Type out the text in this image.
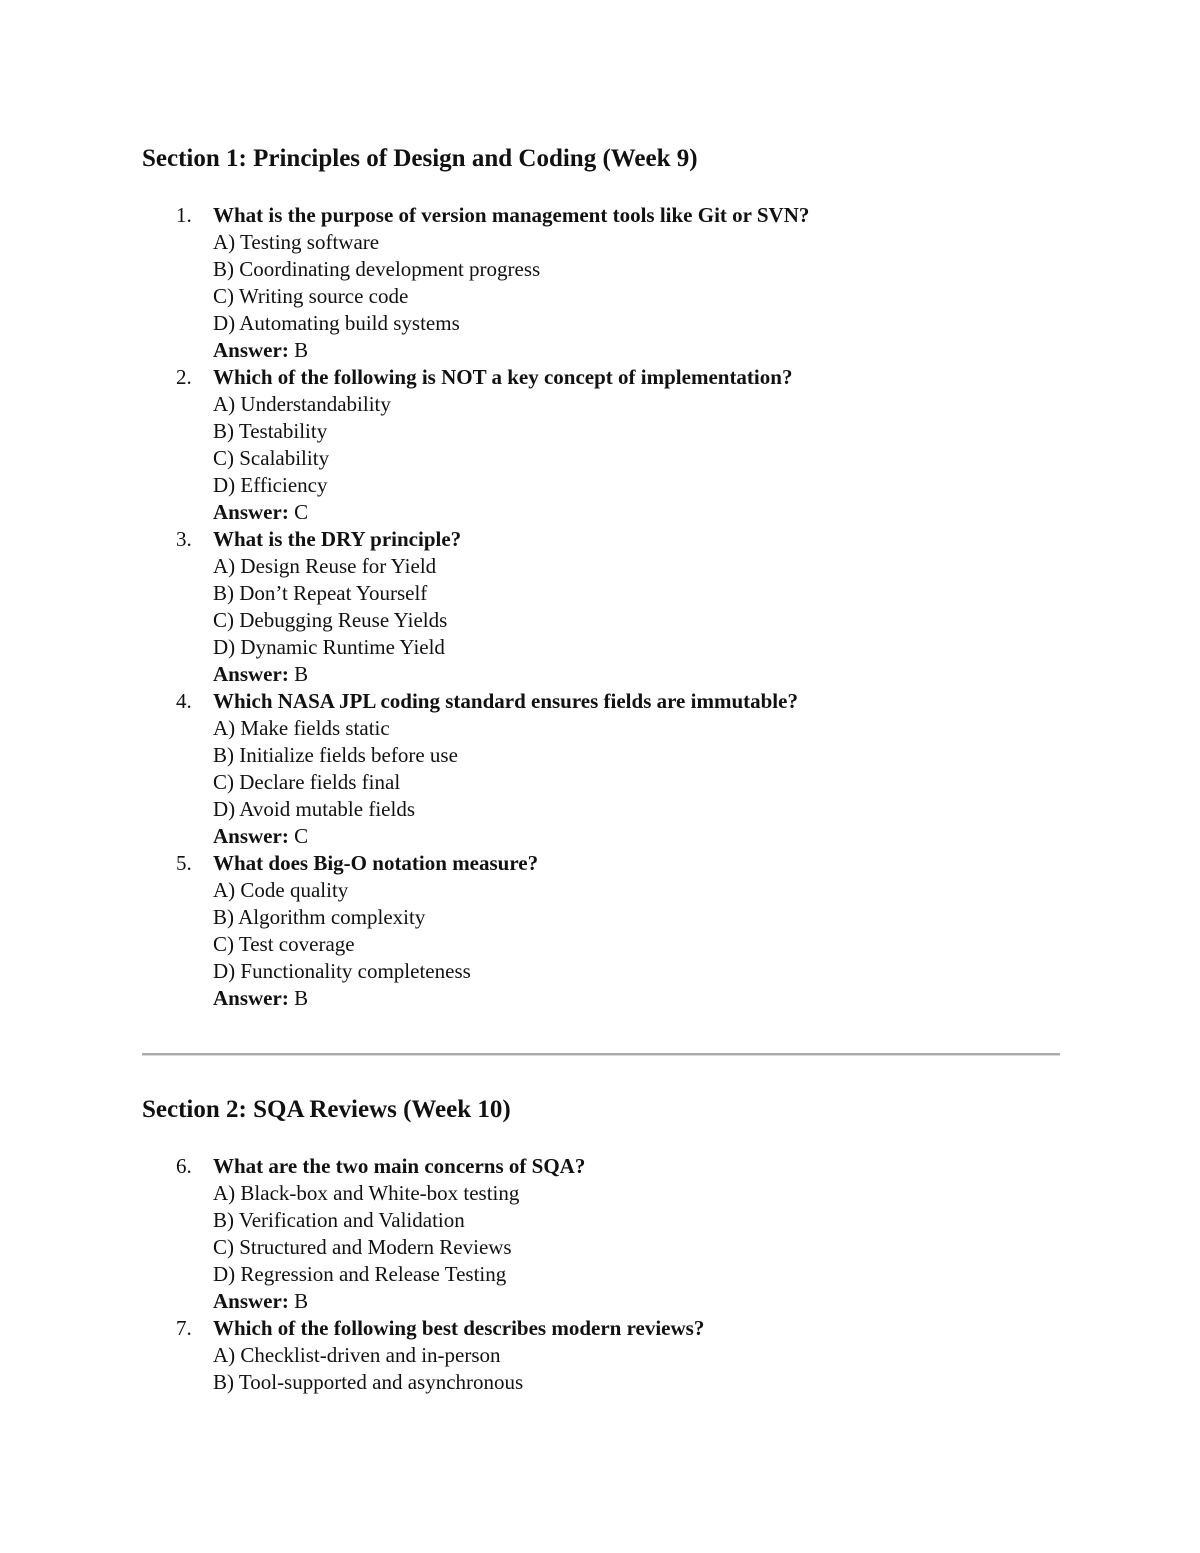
Section 1: Principles of Design and Coding (Week 9)
1. What is the purpose of version management tools like Git or SVN?
A) Testing software
B) Coordinating development progress
C) Writing source code
D) Automating build systems
Answer: B
2. Which of the following is NOT a key concept of implementation?
A) Understandability
B) Testability
C) Scalability
D) Efficiency
Answer: C
3. What is the DRY principle?
A) Design Reuse for Yield
B) Don’t Repeat Yourself
C) Debugging Reuse Yields
D) Dynamic Runtime Yield
Answer: B
4. Which NASA JPL coding standard ensures fields are immutable?
A) Make fields static
B) Initialize fields before use
C) Declare fields final
D) Avoid mutable fields
Answer: C
5. What does Big-O notation measure?
A) Code quality
B) Algorithm complexity
C) Test coverage
D) Functionality completeness
Answer: B
Section 2: SQA Reviews (Week 10)
6. What are the two main concerns of SQA?
A) Black-box and White-box testing
B) Verification and Validation
C) Structured and Modern Reviews
D) Regression and Release Testing
Answer: B
7. Which of the following best describes modern reviews?
A) Checklist-driven and in-person
B) Tool-supported and asynchronous
